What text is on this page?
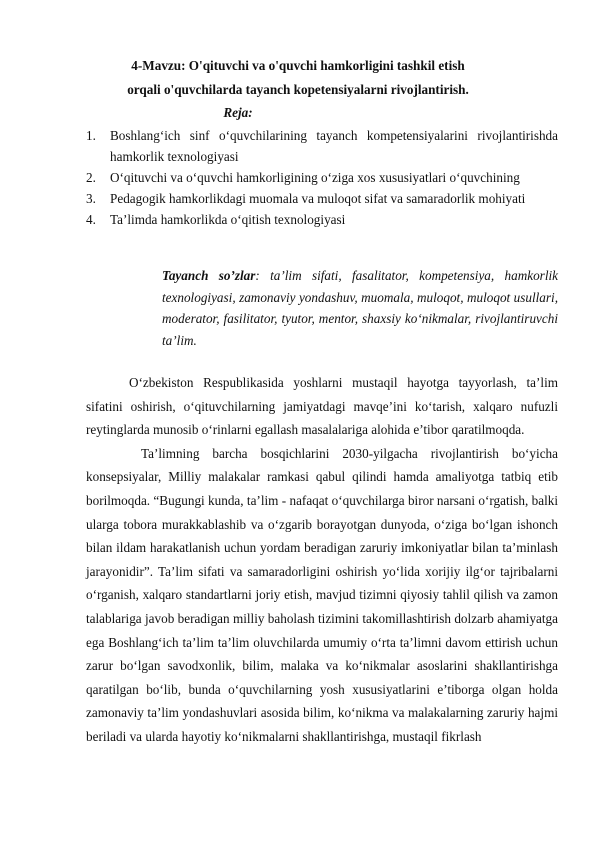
4-Mavzu: O'qituvchi va o'quvchi hamkorligini tashkil etish
orqali o'quvchilarda tayanch kopetensiyalarni rivojlantirish.
Reja:
1. Boshlang‘ich sinf o‘quvchilarining tayanch kompetensiyalarini rivojlantirishda hamkorlik texnologiyasi
2. O‘qituvchi va o‘quvchi hamkorligining o‘ziga xos xususiyatlari o‘quvchining
3. Pedagogik hamkorlikdagi muomala va muloqot sifat va samaradorlik mohiyati
4. Ta’limda hamkorlikda o‘qitish texnologiyasi
Tayanch so’zlar: ta’lim sifati, fasalitator, kompetensiya, hamkorlik texnologiyasi, zamonaviy yondashuv, muomala, muloqot, muloqot usullari, moderator, fasilitator, tyutor, mentor, shaxsiy ko‘nikmalar, rivojlantiruvchi ta’lim.

O‘zbekiston Respublikasida yoshlarni mustaqil hayotga tayyorlash, ta’lim sifatini oshirish, o‘qituvchilarning jamiyatdagi mavqe’ini ko‘tarish, xalqaro nufuzli reytinglarda munosib o‘rinlarni egallash masalalariga alohida e’tibor qaratilmoqda.

Ta’limning barcha bosqichlarini 2030-yilgacha rivojlantirish bo‘yicha konsepsiyalar, Milliy malakalar ramkasi qabul qilindi hamda amaliyotga tatbiq etib borilmoqda. “Bugungi kunda, ta’lim - nafaqat o‘quvchilarga biror narsani o‘rgatish, balki ularga tobora murakkablashib va o‘zgarib borayotgan dunyoda, o‘ziga bo‘lgan ishonch bilan ildam harakatlanish uchun yordam beradigan zaruriy imkoniyatlar bilan ta’minlash jarayonidir”. Ta’lim sifati va samaradorligini oshirish yo‘lida xorijiy ilg‘or tajribalarni o‘rganish, xalqaro standartlarni joriy etish, mavjud tizimni qiyosiy tahlil qilish va zamon talablariga javob beradigan milliy baholash tizimini takomillashtirish dolzarb ahamiyatga ega Boshlang‘ich ta’lim ta’lim oluvchilarda umumiy o‘rta ta’limni davom ettirish uchun zarur bo‘lgan savodxonlik, bilim, malaka va ko‘nikmalar asoslarini shakllantirishga qaratilgan bo‘lib, bunda o‘quvchilarning yosh xususiyatlarini e’tiborga olgan holda zamonaviy ta’lim yondashuvlari asosida bilim, ko‘nikma va malakalarning zaruriy hajmi beriladi va ularda hayotiy ko‘nikmalarni shakllantirishga, mustaqil fikrlash
